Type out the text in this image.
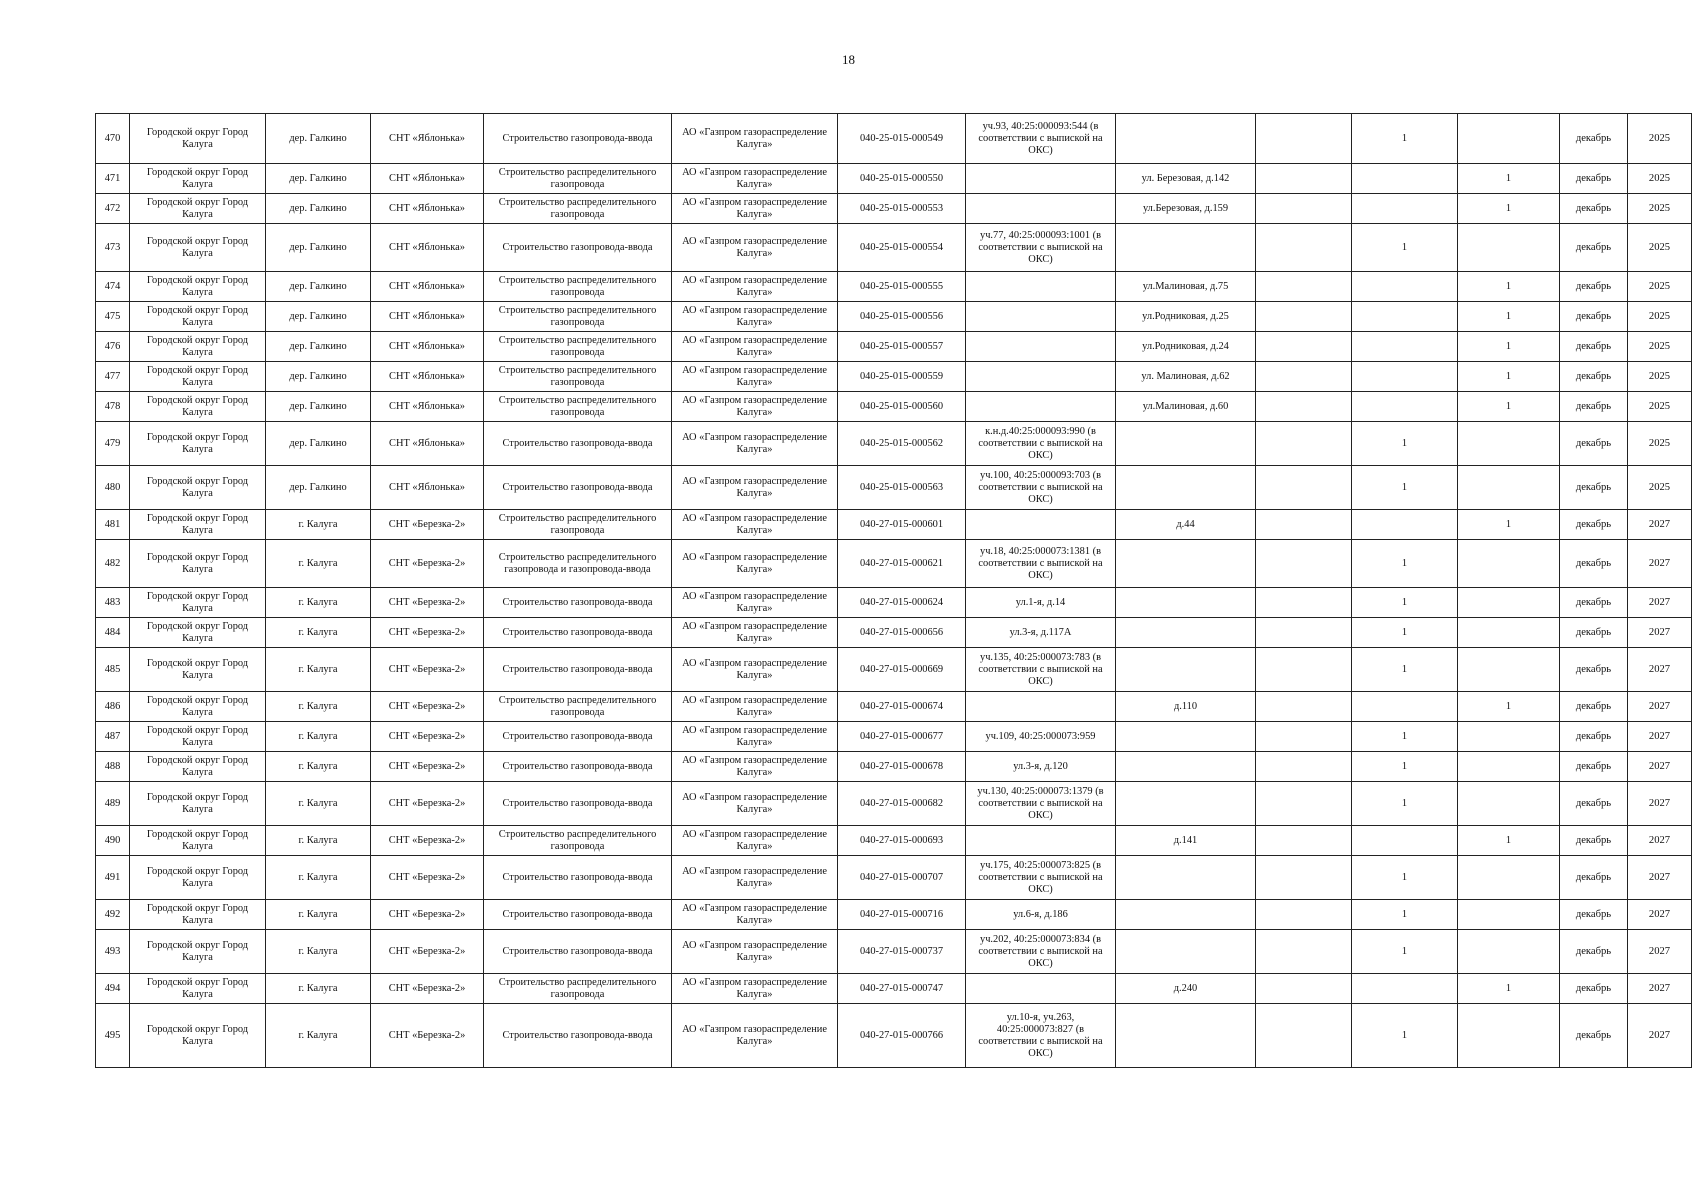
18
470	Городской округ Город Калуга	дер. Галкино	СНТ «Яблонька»	Строительство газопровода-ввода	АО «Газпром газораспределение Калуга»	040-25-015-000549	уч.93, 40:25:000093:544 (в соответствии с выпиской на ОКС)			1		декабрь	2025
471	Городской округ Город Калуга	дер. Галкино	СНТ «Яблонька»	Строительство распределительного газопровода	АО «Газпром газораспределение Калуга»	040-25-015-000550		ул. Березовая, д.142			1	декабрь	2025
472	Городской округ Город Калуга	дер. Галкино	СНТ «Яблонька»	Строительство распределительного газопровода	АО «Газпром газораспределение Калуга»	040-25-015-000553		ул.Березовая, д.159			1	декабрь	2025
473	Городской округ Город Калуга	дер. Галкино	СНТ «Яблонька»	Строительство газопровода-ввода	АО «Газпром газораспределение Калуга»	040-25-015-000554	уч.77, 40:25:000093:1001 (в соответствии с выпиской на ОКС)			1		декабрь	2025
474	Городской округ Город Калуга	дер. Галкино	СНТ «Яблонька»	Строительство распределительного газопровода	АО «Газпром газораспределение Калуга»	040-25-015-000555		ул.Малиновая, д.75			1	декабрь	2025
475	Городской округ Город Калуга	дер. Галкино	СНТ «Яблонька»	Строительство распределительного газопровода	АО «Газпром газораспределение Калуга»	040-25-015-000556		ул.Родниковая, д.25			1	декабрь	2025
476	Городской округ Город Калуга	дер. Галкино	СНТ «Яблонька»	Строительство распределительного газопровода	АО «Газпром газораспределение Калуга»	040-25-015-000557		ул.Родниковая, д.24			1	декабрь	2025
477	Городской округ Город Калуга	дер. Галкино	СНТ «Яблонька»	Строительство распределительного газопровода	АО «Газпром газораспределение Калуга»	040-25-015-000559		ул. Малиновая, д.62			1	декабрь	2025
478	Городской округ Город Калуга	дер. Галкино	СНТ «Яблонька»	Строительство распределительного газопровода	АО «Газпром газораспределение Калуга»	040-25-015-000560		ул.Малиновая, д.60			1	декабрь	2025
479	Городской округ Город Калуга	дер. Галкино	СНТ «Яблонька»	Строительство газопровода-ввода	АО «Газпром газораспределение Калуга»	040-25-015-000562	к.н.д.40:25:000093:990 (в соответствии с выпиской на ОКС)			1		декабрь	2025
480	Городской округ Город Калуга	дер. Галкино	СНТ «Яблонька»	Строительство газопровода-ввода	АО «Газпром газораспределение Калуга»	040-25-015-000563	уч.100, 40:25:000093:703 (в соответствии с выпиской на ОКС)			1		декабрь	2025
481	Городской округ Город Калуга	г. Калуга	СНТ «Березка-2»	Строительство распределительного газопровода	АО «Газпром газораспределение Калуга»	040-27-015-000601		д.44			1	декабрь	2027
482	Городской округ Город Калуга	г. Калуга	СНТ «Березка-2»	Строительство распределительного газопровода и газопровода-ввода	АО «Газпром газораспределение Калуга»	040-27-015-000621	уч.18, 40:25:000073:1381 (в соответствии с выпиской на ОКС)			1		декабрь	2027
483	Городской округ Город Калуга	г. Калуга	СНТ «Березка-2»	Строительство газопровода-ввода	АО «Газпром газораспределение Калуга»	040-27-015-000624	ул.1-я, д.14			1		декабрь	2027
484	Городской округ Город Калуга	г. Калуга	СНТ «Березка-2»	Строительство газопровода-ввода	АО «Газпром газораспределение Калуга»	040-27-015-000656	ул.3-я, д.117А			1		декабрь	2027
485	Городской округ Город Калуга	г. Калуга	СНТ «Березка-2»	Строительство газопровода-ввода	АО «Газпром газораспределение Калуга»	040-27-015-000669	уч.135, 40:25:000073:783 (в соответствии с выпиской на ОКС)			1		декабрь	2027
486	Городской округ Город Калуга	г. Калуга	СНТ «Березка-2»	Строительство распределительного газопровода	АО «Газпром газораспределение Калуга»	040-27-015-000674		д.110			1	декабрь	2027
487	Городской округ Город Калуга	г. Калуга	СНТ «Березка-2»	Строительство газопровода-ввода	АО «Газпром газораспределение Калуга»	040-27-015-000677	уч.109, 40:25:000073:959			1		декабрь	2027
488	Городской округ Город Калуга	г. Калуга	СНТ «Березка-2»	Строительство газопровода-ввода	АО «Газпром газораспределение Калуга»	040-27-015-000678	ул.3-я, д.120			1		декабрь	2027
489	Городской округ Город Калуга	г. Калуга	СНТ «Березка-2»	Строительство газопровода-ввода	АО «Газпром газораспределение Калуга»	040-27-015-000682	уч.130, 40:25:000073:1379 (в соответствии с выпиской на ОКС)			1		декабрь	2027
490	Городской округ Город Калуга	г. Калуга	СНТ «Березка-2»	Строительство распределительного газопровода	АО «Газпром газораспределение Калуга»	040-27-015-000693		д.141			1	декабрь	2027
491	Городской округ Город Калуга	г. Калуга	СНТ «Березка-2»	Строительство газопровода-ввода	АО «Газпром газораспределение Калуга»	040-27-015-000707	уч.175, 40:25:000073:825 (в соответствии с выпиской на ОКС)			1		декабрь	2027
492	Городской округ Город Калуга	г. Калуга	СНТ «Березка-2»	Строительство газопровода-ввода	АО «Газпром газораспределение Калуга»	040-27-015-000716	ул.6-я, д.186			1		декабрь	2027
493	Городской округ Город Калуга	г. Калуга	СНТ «Березка-2»	Строительство газопровода-ввода	АО «Газпром газораспределение Калуга»	040-27-015-000737	уч.202, 40:25:000073:834 (в соответствии с выпиской на ОКС)			1		декабрь	2027
494	Городской округ Город Калуга	г. Калуга	СНТ «Березка-2»	Строительство распределительного газопровода	АО «Газпром газораспределение Калуга»	040-27-015-000747		д.240			1	декабрь	2027
495	Городской округ Город Калуга	г. Калуга	СНТ «Березка-2»	Строительство газопровода-ввода	АО «Газпром газораспределение Калуга»	040-27-015-000766	ул.10-я, уч.263, 40:25:000073:827 (в соответствии с выпиской на ОКС)			1		декабрь	2027
